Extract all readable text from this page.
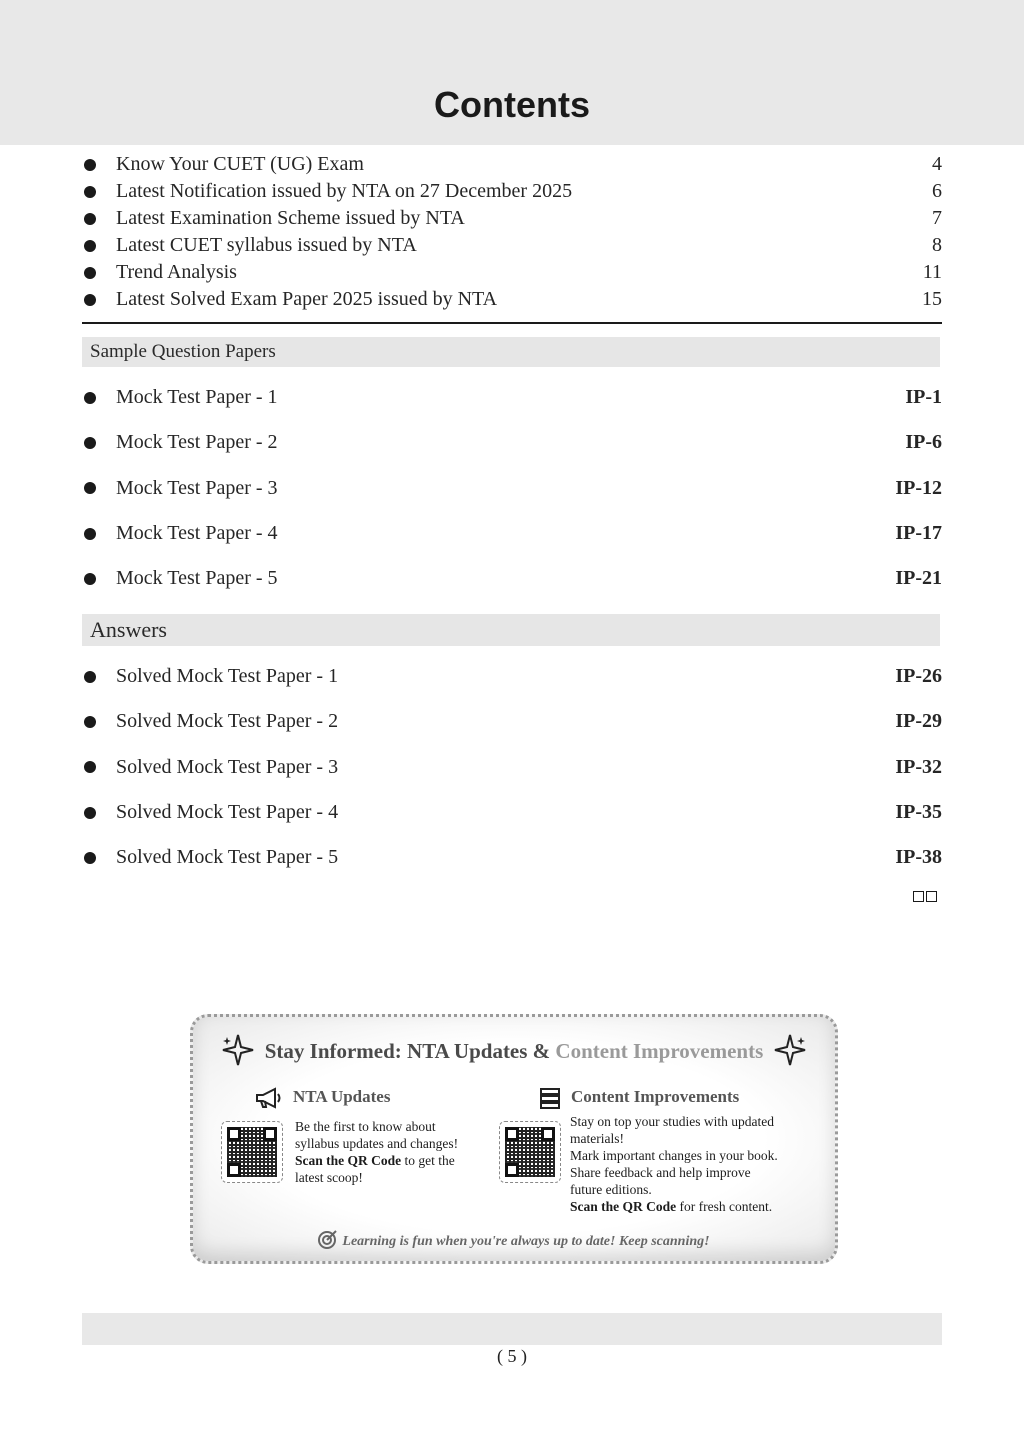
Contents
Know Your CUET (UG) Exam	4
Latest Notification issued by NTA on 27 December 2025	6
Latest Examination Scheme issued by NTA	7
Latest CUET syllabus issued by NTA	8
Trend Analysis	11
Latest Solved Exam Paper 2025 issued by NTA	15
Sample Question Papers
Mock Test Paper - 1	IP-1
Mock Test Paper - 2	IP-6
Mock Test Paper - 3	IP-12
Mock Test Paper - 4	IP-17
Mock Test Paper - 5	IP-21
Answers
Solved Mock Test Paper - 1	IP-26
Solved Mock Test Paper - 2	IP-29
Solved Mock Test Paper - 3	IP-32
Solved Mock Test Paper - 4	IP-35
Solved Mock Test Paper - 5	IP-38
Stay Informed: NTA Updates & Content Improvements
NTA Updates
Be the first to know about
syllabus updates and changes!
Scan the QR Code to get the
latest scoop!
Content Improvements
Stay on top your studies with updated
materials!
Mark important changes in your book.
Share feedback and help improve
future editions.
Scan the QR Code for fresh content.
Learning is fun when you're always up to date! Keep scanning!
( 5 )
